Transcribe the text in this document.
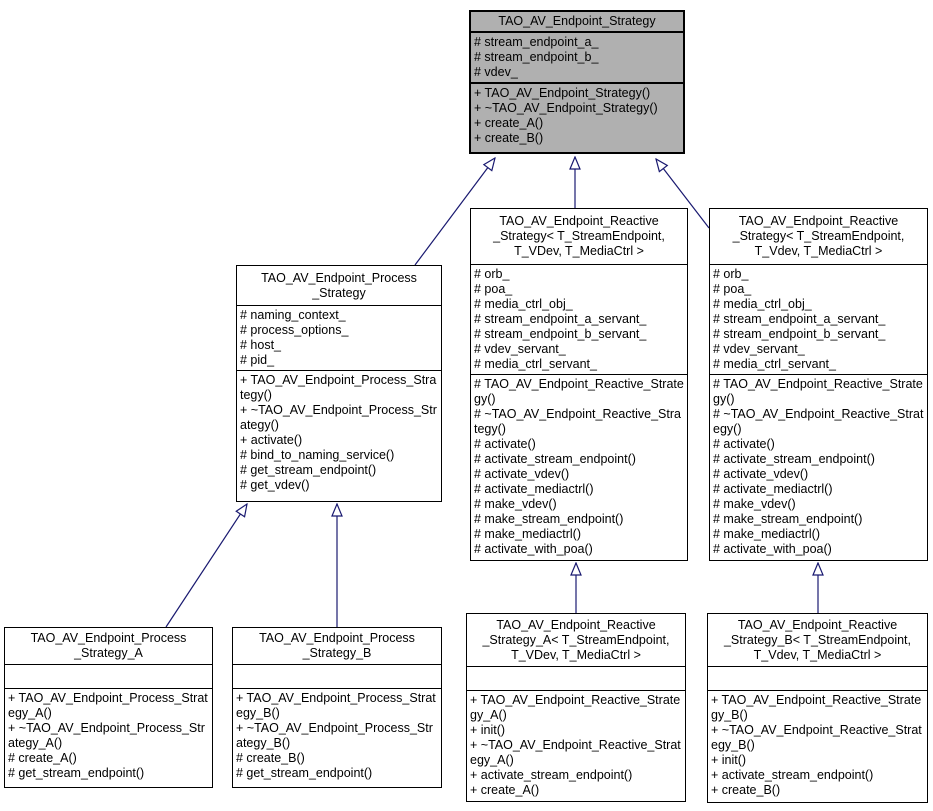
TAO_AV_Endpoint_Strategy
# stream_endpoint_a_
# stream_endpoint_b_
# vdev_
+ TAO_AV_Endpoint_Strategy()
+ ~TAO_AV_Endpoint_Strategy()
+ create_A()
+ create_B()
TAO_AV_Endpoint_Process
_Strategy
# naming_context_
# process_options_
# host_
# pid_
+ TAO_AV_Endpoint_Process_Strategy()
+ ~TAO_AV_Endpoint_Process_Strategy()
+ activate()
# bind_to_naming_service()
# get_stream_endpoint()
# get_vdev()
TAO_AV_Endpoint_Reactive
_Strategy< T_StreamEndpoint,
T_VDev, T_MediaCtrl >
# orb_
# poa_
# media_ctrl_obj_
# stream_endpoint_a_servant_
# stream_endpoint_b_servant_
# vdev_servant_
# media_ctrl_servant_
# TAO_AV_Endpoint_Reactive_Strategy()
# ~TAO_AV_Endpoint_Reactive_Strategy()
# activate()
# activate_stream_endpoint()
# activate_vdev()
# activate_mediactrl()
# make_vdev()
# make_stream_endpoint()
# make_mediactrl()
# activate_with_poa()
TAO_AV_Endpoint_Reactive
_Strategy< T_StreamEndpoint,
T_Vdev, T_MediaCtrl >
# orb_
# poa_
# media_ctrl_obj_
# stream_endpoint_a_servant_
# stream_endpoint_b_servant_
# vdev_servant_
# media_ctrl_servant_
# TAO_AV_Endpoint_Reactive_Strategy()
# ~TAO_AV_Endpoint_Reactive_Strategy()
# activate()
# activate_stream_endpoint()
# activate_vdev()
# activate_mediactrl()
# make_vdev()
# make_stream_endpoint()
# make_mediactrl()
# activate_with_poa()
TAO_AV_Endpoint_Process
_Strategy_A
+ TAO_AV_Endpoint_Process_Strategy_A()
+ ~TAO_AV_Endpoint_Process_Strategy_A()
# create_A()
# get_stream_endpoint()
TAO_AV_Endpoint_Process
_Strategy_B
+ TAO_AV_Endpoint_Process_Strategy_B()
+ ~TAO_AV_Endpoint_Process_Strategy_B()
# create_B()
# get_stream_endpoint()
TAO_AV_Endpoint_Reactive
_Strategy_A< T_StreamEndpoint,
T_VDev, T_MediaCtrl >
+ TAO_AV_Endpoint_Reactive_Strategy_A()
+ init()
+ ~TAO_AV_Endpoint_Reactive_Strategy_A()
+ activate_stream_endpoint()
+ create_A()
TAO_AV_Endpoint_Reactive
_Strategy_B< T_StreamEndpoint,
T_Vdev, T_MediaCtrl >
+ TAO_AV_Endpoint_Reactive_Strategy_B()
+ ~TAO_AV_Endpoint_Reactive_Strategy_B()
+ init()
+ activate_stream_endpoint()
+ create_B()
